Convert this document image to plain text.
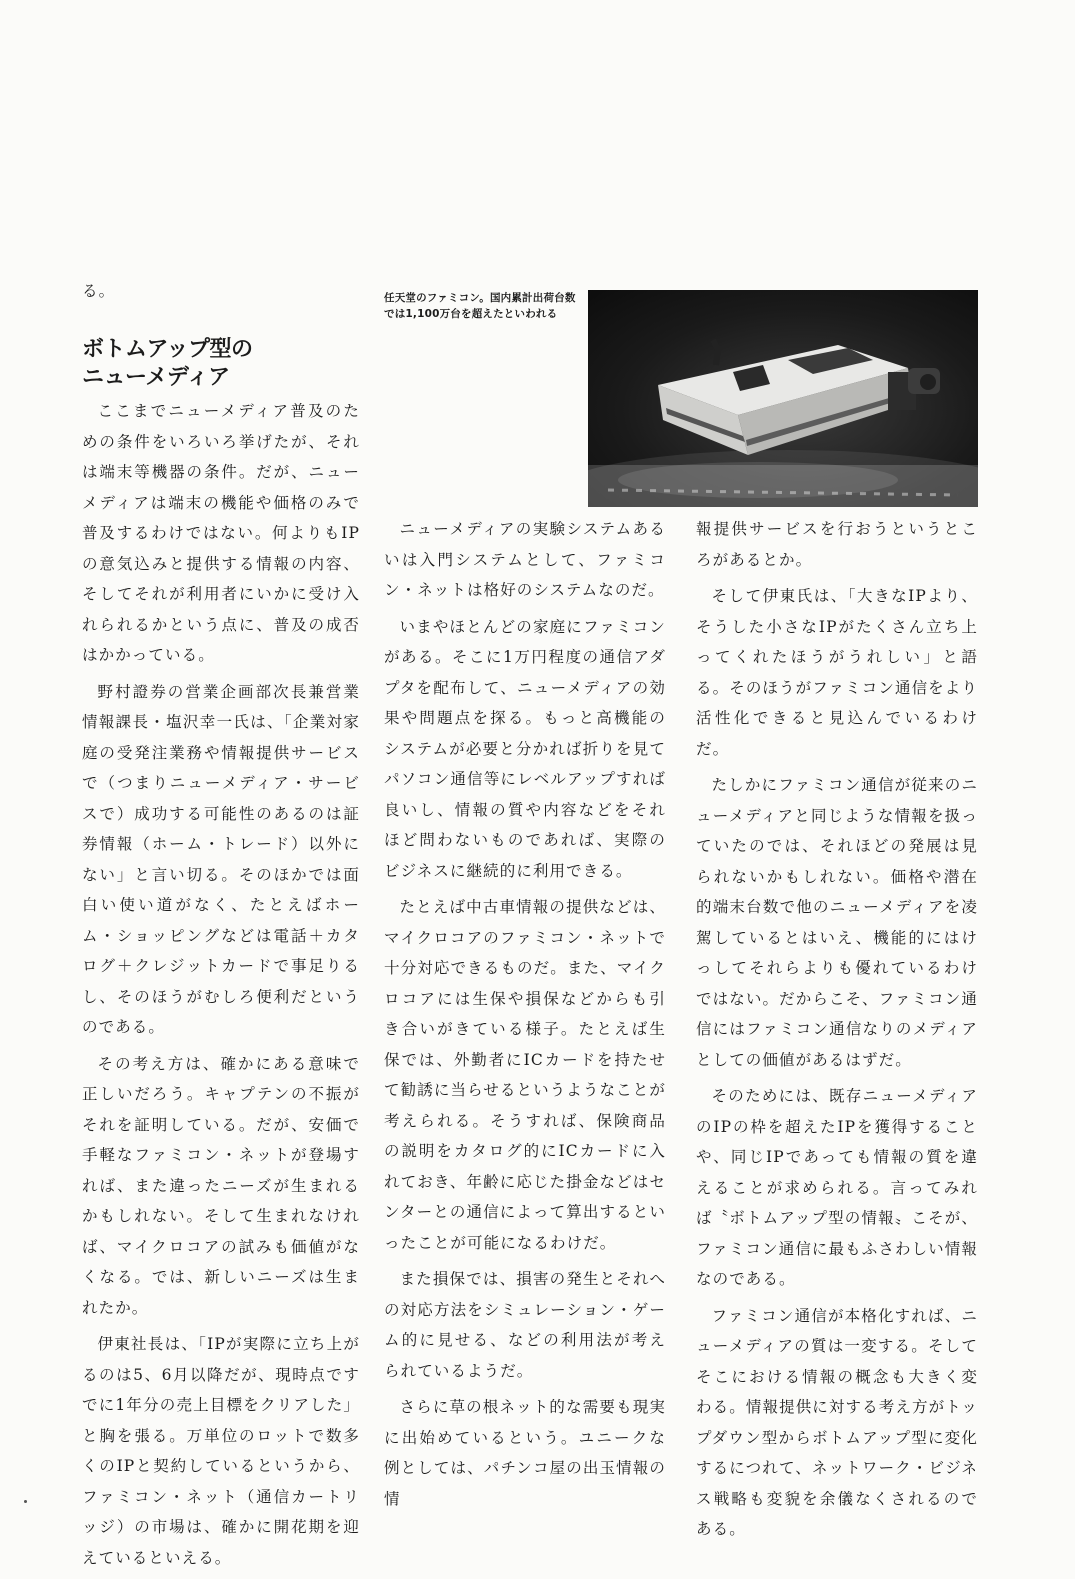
る。
ボトムアップ型の
ニューメディア
任天堂のファミコン。国内累計出荷台数では1,100万台を超えたといわれる

ここまでニューメディア普及のための条件をいろいろ挙げたが、それは端末等機器の条件。だが、ニューメディアは端末の機能や価格のみで普及するわけではない。何よりもIPの意気込みと提供する情報の内容、そしてそれが利用者にいかに受け入れられるかという点に、普及の成否はかかっている。

野村證券の営業企画部次長兼営業情報課長・塩沢幸一氏は、「企業対家庭の受発注業務や情報提供サービスで（つまりニューメディア・サービスで）成功する可能性のあるのは証券情報（ホーム・トレード）以外にない」と言い切る。そのほかでは面白い使い道がなく、たとえばホーム・ショッピングなどは電話＋カタログ＋クレジットカードで事足りるし、そのほうがむしろ便利だというのである。

その考え方は、確かにある意味で正しいだろう。キャプテンの不振がそれを証明している。だが、安価で手軽なファミコン・ネットが登場すれば、また違ったニーズが生まれるかもしれない。そして生まれなければ、マイクロコアの試みも価値がなくなる。では、新しいニーズは生まれたか。

伊東社長は、「IPが実際に立ち上がるのは5、6月以降だが、現時点ですでに1年分の売上目標をクリアした」と胸を張る。万単位のロットで数多くのIPと契約しているというから、ファミコン・ネット（通信カートリッジ）の市場は、確かに開花期を迎えているといえる。

ニューメディアの実験システムあるいは入門システムとして、ファミコン・ネットは格好のシステムなのだ。

いまやほとんどの家庭にファミコンがある。そこに1万円程度の通信アダプタを配布して、ニューメディアの効果や問題点を探る。もっと高機能のシステムが必要と分かれば折りを見てパソコン通信等にレベルアップすれば良いし、情報の質や内容などをそれほど問わないものであれば、実際のビジネスに継続的に利用できる。

たとえば中古車情報の提供などは、マイクロコアのファミコン・ネットで十分対応できるものだ。また、マイクロコアには生保や損保などからも引き合いがきている様子。たとえば生保では、外勤者にICカードを持たせて勧誘に当らせるというようなことが考えられる。そうすれば、保険商品の説明をカタログ的にICカードに入れておき、年齢に応じた掛金などはセンターとの通信によって算出するといったことが可能になるわけだ。

また損保では、損害の発生とそれへの対応方法をシミュレーション・ゲーム的に見せる、などの利用法が考えられているようだ。

さらに草の根ネット的な需要も現実に出始めているという。ユニークな例としては、パチンコ屋の出玉情報の情

報提供サービスを行おうというところがあるとか。

そして伊東氏は、「大きなIPより、そうした小さなIPがたくさん立ち上ってくれたほうがうれしい」と語る。そのほうがファミコン通信をより活性化できると見込んでいるわけだ。

たしかにファミコン通信が従来のニューメディアと同じような情報を扱っていたのでは、それほどの発展は見られないかもしれない。価格や潜在的端末台数で他のニューメディアを凌駕しているとはいえ、機能的にはけっしてそれらよりも優れているわけではない。だからこそ、ファミコン通信にはファミコン通信なりのメディアとしての価値があるはずだ。

そのためには、既存ニューメディアのIPの枠を超えたIPを獲得することや、同じIPであっても情報の質を違えることが求められる。言ってみれば〝ボトムアップ型の情報〟こそが、ファミコン通信に最もふさわしい情報なのである。

ファミコン通信が本格化すれば、ニューメディアの質は一変する。そしてそこにおける情報の概念も大きく変わる。情報提供に対する考え方がトップダウン型からボトムアップ型に変化するにつれて、ネットワーク・ビジネス戦略も変貌を余儀なくされるのである。
